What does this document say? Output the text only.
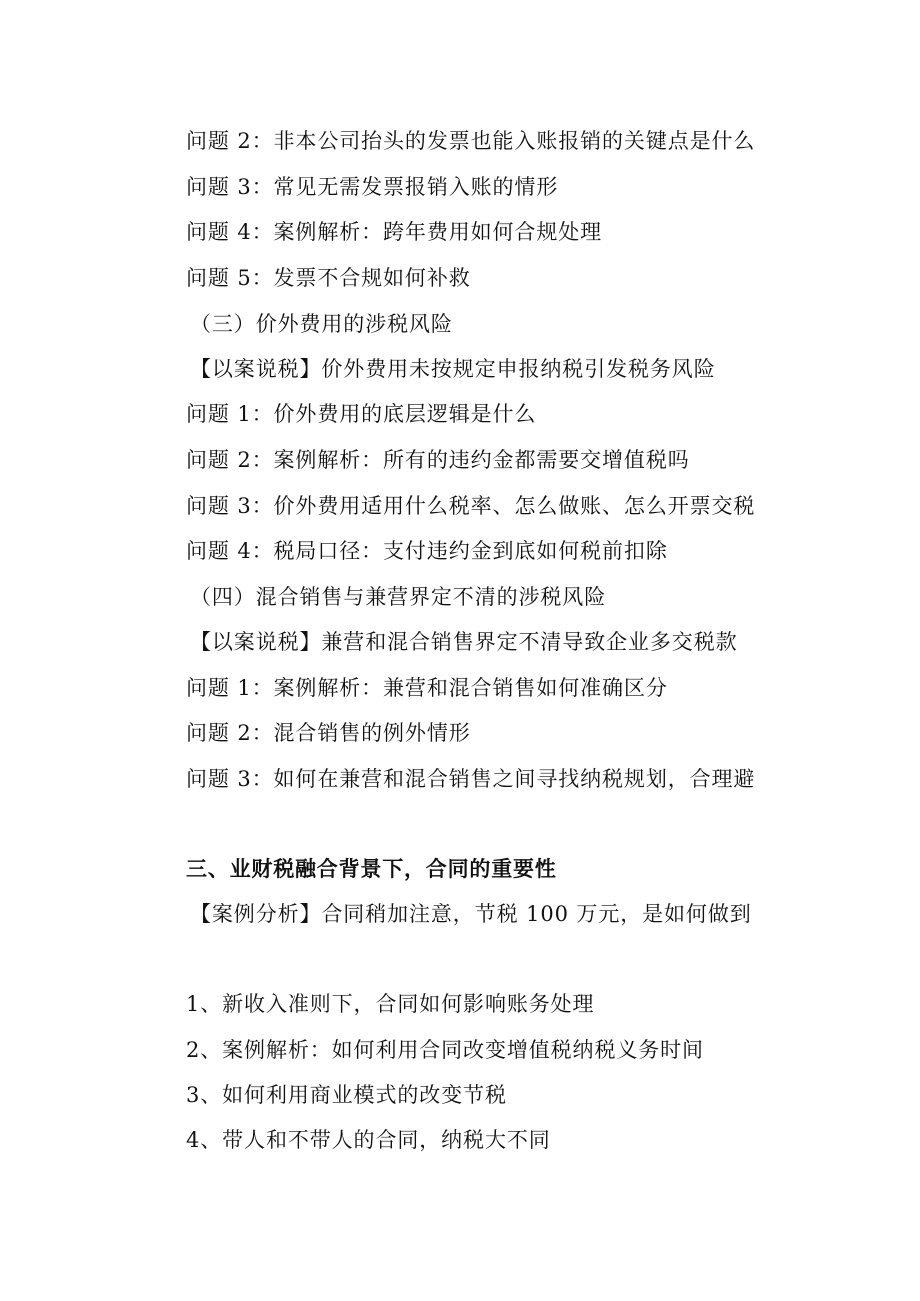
问题 2：非本公司抬头的发票也能入账报销的关键点是什么
问题 3：常见无需发票报销入账的情形
问题 4：案例解析：跨年费用如何合规处理
问题 5：发票不合规如何补救
（三）价外费用的涉税风险
【以案说税】价外费用未按规定申报纳税引发税务风险
问题 1：价外费用的底层逻辑是什么
问题 2：案例解析：所有的违约金都需要交增值税吗
问题 3：价外费用适用什么税率、怎么做账、怎么开票交税
问题 4：税局口径：支付违约金到底如何税前扣除
（四）混合销售与兼营界定不清的涉税风险
【以案说税】兼营和混合销售界定不清导致企业多交税款
问题 1：案例解析：兼营和混合销售如何准确区分
问题 2：混合销售的例外情形
问题 3：如何在兼营和混合销售之间寻找纳税规划，合理避
三、业财税融合背景下，合同的重要性
【案例分析】合同稍加注意，节税 100 万元，是如何做到
1、新收入准则下，合同如何影响账务处理
2、案例解析：如何利用合同改变增值税纳税义务时间
3、如何利用商业模式的改变节税
4、带人和不带人的合同，纳税大不同
